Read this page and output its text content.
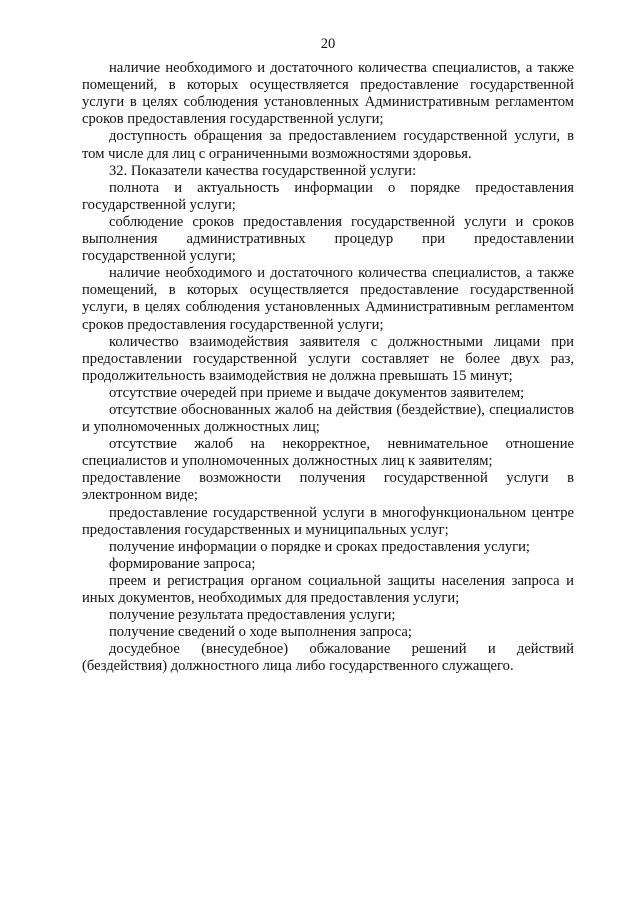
20

наличие необходимого и достаточного количества специалистов, а также помещений, в которых осуществляется предоставление государственной услуги в целях соблюдения установленных Административным регламентом сроков предоставления государственной услуги;

доступность обращения за предоставлением государственной услуги, в том числе для лиц с ограниченными возможностями здоровья.

32. Показатели качества государственной услуги:

полнота и актуальность информации о порядке предоставления государственной услуги;

соблюдение сроков предоставления государственной услуги и сроков выполнения административных процедур при предоставлении государственной услуги;

наличие необходимого и достаточного количества специалистов, а также помещений, в которых осуществляется предоставление государственной услуги, в целях соблюдения установленных Административным регламентом сроков предоставления государственной услуги;

количество взаимодействия заявителя с должностными лицами при предоставлении государственной услуги составляет не более двух раз, продолжительность взаимодействия не должна превышать 15 минут;

отсутствие очередей при приеме и выдаче документов заявителем;

отсутствие обоснованных жалоб на действия (бездействие), специалистов и уполномоченных должностных лиц;

отсутствие жалоб на некорректное, невнимательное отношение специалистов и уполномоченных должностных лиц к заявителям;

предоставление возможности получения государственной услуги в электронном виде;

предоставление государственной услуги в многофункциональном центре предоставления государственных и муниципальных услуг;

получение информации о порядке и сроках предоставления услуги;

формирование запроса;

преем и регистрация органом социальной защиты населения запроса и иных документов, необходимых для предоставления услуги;

получение результата предоставления услуги;

получение сведений о ходе выполнения запроса;

досудебное (внесудебное) обжалование решений и действий (бездействия) должностного лица либо государственного служащего.
